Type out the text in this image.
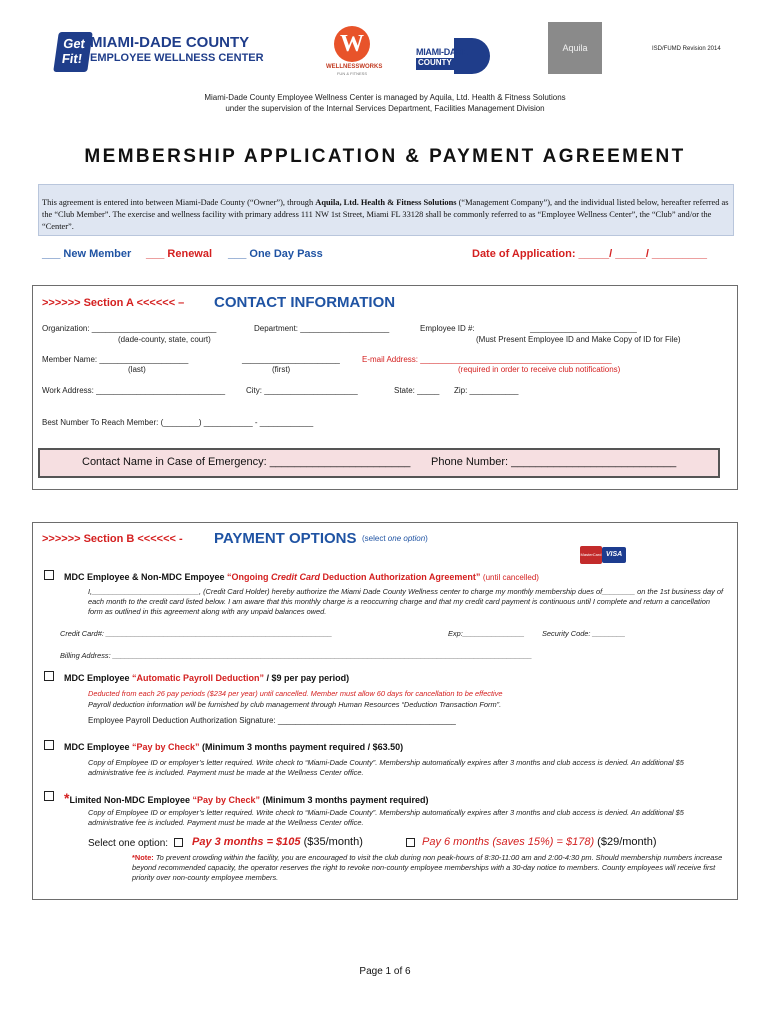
Get Fit!
MIAMI-DADE COUNTY
EMPLOYEE WELLNESS CENTER
W
WELLNESSWORKS
FUN & FITNESS
MIAMI-DADE
COUNTY
Aquila	ISD/FUMD Revision 2014
Miami-Dade County Employee Wellness Center is managed by Aquila, Ltd. Health & Fitness Solutions
under the supervision of the Internal Services Department, Facilities Management Division
MEMBERSHIP APPLICATION & PAYMENT AGREEMENT
This agreement is entered into between Miami-Dade County (“Owner”), through Aquila, Ltd. Health & Fitness Solutions (“Management Company”), and the individual listed below, hereafter referred as the “Club Member”. The exercise and wellness facility with primary address 111 NW 1st Street, Miami FL 33128 shall be commonly referred to as “Employee Wellness Center”, the “Club” and/or the “Center”.
___ New Member ___ Renewal ___ One Day Pass	Date of Application: _____/ _____/ _________
>>>>>> Section A <<<<<< – CONTACT INFORMATION
Organization: ____________________________	Department: ____________________	Employee ID #:	________________________
(dade-county, state, court)	(Must Present Employee ID and Make Copy of ID for File)
Member Name: ____________________	______________________	E-mail Address: ___________________________________________
(last)	(first)	(required in order to receive club notifications)
Work Address: _____________________________	City: _____________________	State: _____ Zip: ___________
Best Number To Reach Member: (________) ___________ - ____________
Contact Name in Case of Emergency: _______________________ Phone Number: ___________________________
>>>>>> Section B <<<<<< - PAYMENT OPTIONS (select one option)
MasterCard VISA
MDC Employee & Non-MDC Empoyee “Ongoing Credit Card Deduction Authorization Agreement” (until cancelled)
I,__________________________, (Credit Card Holder) hereby authorize the Miami Dade County Wellness center to charge my monthly membership dues of________ on the 1st business day of each month to the credit card listed below. I am aware that this monthly charge is a reoccurring charge and that my credit card payment is continuous until I complete and return a cancellation form as outlined in this agreement along with any unpaid balances owed.
Credit Card#: _______________________________________________________	Exp:_______________ Security Code: ________
Billing Address: ______________________________________________________________________________________________________
MDC Employee “Automatic Payroll Deduction” / $9 per pay period)
Deducted from each 26 pay periods ($234 per year) until cancelled. Member must allow 60 days for cancellation to be effective
Payroll deduction information will be furnished by club management through Human Resources “Deduction Transaction Form”.
Employee Payroll Deduction Authorization Signature: ________________________________________
MDC Employee “Pay by Check” (Minimum 3 months payment required / $63.50)
Copy of Employee ID or employer’s letter required. Write check to “Miami-Dade County”. Membership automatically expires after 3 months and club access is denied. An additional $5 administrative fee is included. Payment must be made at the Wellness Center office.
*Limited Non-MDC Employee “Pay by Check” (Minimum 3 months payment required)
Copy of Employee ID or employer’s letter required. Write check to “Miami-Dade County”. Membership automatically expires after 3 months and club access is denied. An additional $5 administrative fee is included. Payment must be made at the Wellness Center office.
Select one option: Pay 3 months = $105 ($35/month)	Pay 6 months (saves 15%) = $178) ($29/month)
*Note: To prevent crowding within the facility, you are encouraged to visit the club during non peak-hours of 8:30-11:00 am and 2:00-4:30 pm. Should membership numbers increase beyond recommended capacity, the operator reserves the right to revoke non-county employee memberships with a 30-day notice to members. County employees will receive first priority over non-county employee members.
Page 1 of 6
